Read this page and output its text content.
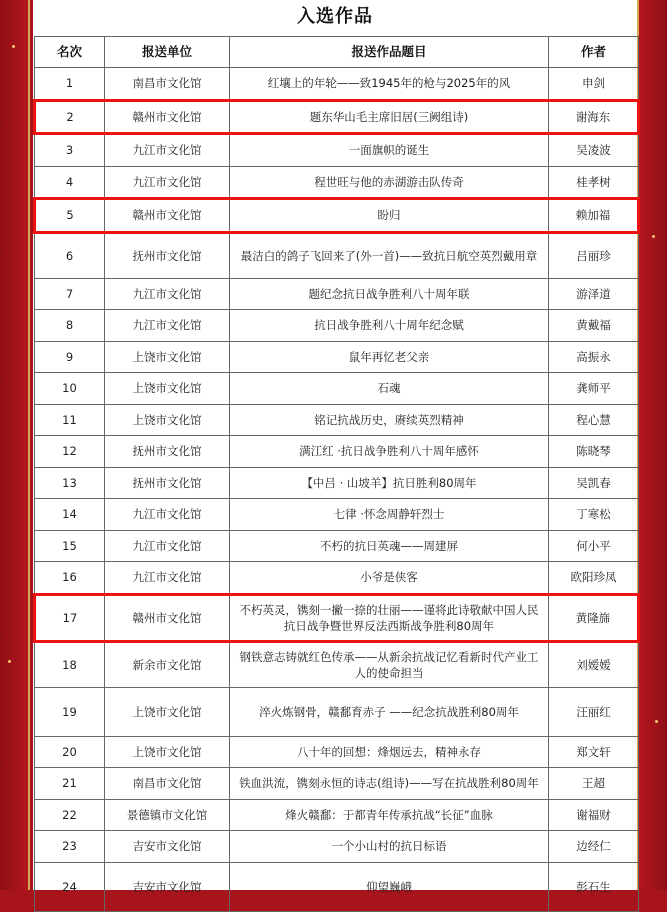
入选作品
名次	报送单位	报送作品题目	作者
1	南昌市文化馆	红壤上的年轮——致1945年的枪与2025年的风	申剑
2	赣州市文化馆	题东华山毛主席旧居(三阙组诗)	谢海东
3	九江市文化馆	一面旗帜的诞生	吴凌波
4	九江市文化馆	程世旺与他的赤湖游击队传奇	桂孝树
5	赣州市文化馆	盼归	赖加福
6	抚州市文化馆	最洁白的鸽子飞回来了(外一首)——致抗日航空英烈戴用章	吕丽珍
7	九江市文化馆	题纪念抗日战争胜利八十周年联	游泽道
8	九江市文化馆	抗日战争胜利八十周年纪念赋	黄戴福
9	上饶市文化馆	鼠年再忆老父亲	高振永
10	上饶市文化馆	石魂	龚师平
11	上饶市文化馆	铭记抗战历史，赓续英烈精神	程心慧
12	抚州市文化馆	满江红 ·抗日战争胜利八十周年感怀	陈晓琴
13	抚州市文化馆	【中吕 · 山坡羊】抗日胜利80周年	吴凯春
14	九江市文化馆	七律 ·怀念周静轩烈士	丁寒松
15	九江市文化馆	不朽的抗日英魂——周建屏	何小平
16	九江市文化馆	小爷是侠客	欧阳珍凤
17	赣州市文化馆	不朽英灵，镌刻一撇一捺的壮丽——谨将此诗敬献中国人民抗日战争暨世界反法西斯战争胜利80周年	黄隆旆
18	新余市文化馆	钢铁意志铸就红色传承——从新余抗战记忆看新时代产业工人的使命担当	刘嫒嫒
19	上饶市文化馆	淬火炼钢骨，赣鄱育赤子 ——纪念抗战胜利80周年	汪丽红
20	上饶市文化馆	八十年的回想：烽烟远去，精神永存	郑文轩
21	南昌市文化馆	铁血洪流，镌刻永恒的诗志(组诗)——写在抗战胜利80周年	王超
22	景德镇市文化馆	烽火赣鄱：于都青年传承抗战“长征”血脉	谢福财
23	吉安市文化馆	一个小山村的抗日标语	边经仁
24	吉安市文化馆	仰望巍峨	彭石生
